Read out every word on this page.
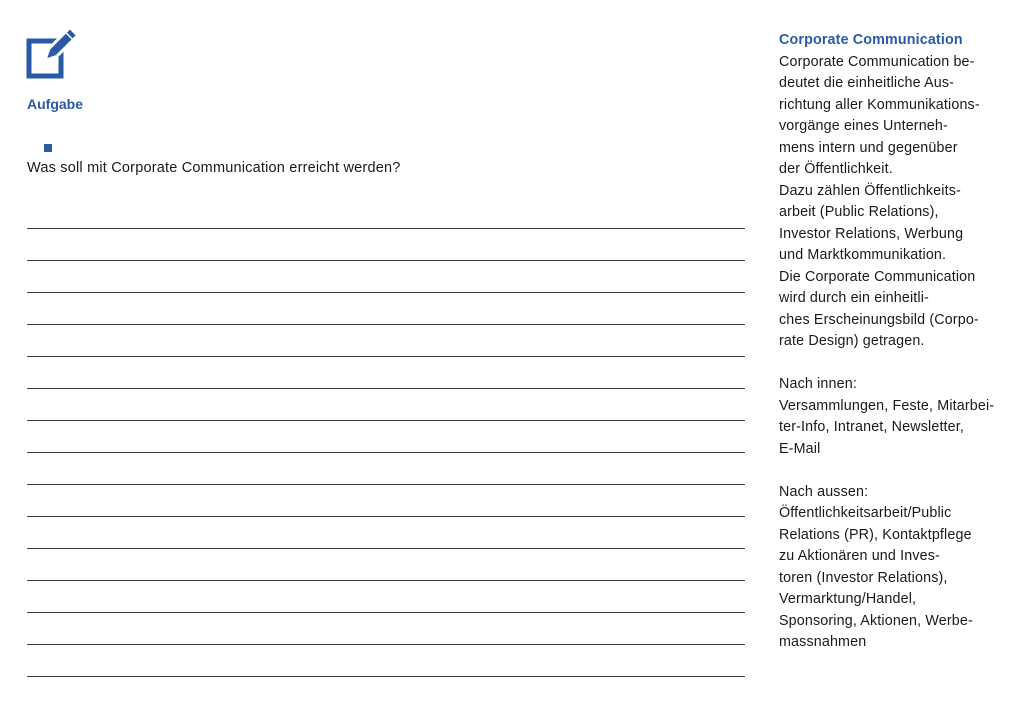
Aufgabe
Was soll mit Corporate Communication erreicht werden?

Corporate Communication

Corporate Communication be-

deutet die einheitliche Aus-

richtung aller Kommunikations-

vorgänge eines Unterneh-

mens intern und gegenüber

der Öffentlichkeit.

Dazu zählen Öffentlichkeits-

arbeit (Public Relations),

Investor Relations, Werbung

und Marktkommunikation.

Die Corporate Communication

wird durch ein einheitli-

ches Erscheinungsbild (Corpo-

rate Design) getragen.

Nach innen:

Versammlungen, Feste, Mitarbei-

ter-Info, Intranet, Newsletter,

E-Mail

Nach aussen:

Öffentlichkeitsarbeit/Public

Relations (PR), Kontaktpflege

zu Aktionären und Inves-

toren (Investor Relations),

Vermarktung/Handel,

Sponsoring, Aktionen, Werbe-

massnahmen
